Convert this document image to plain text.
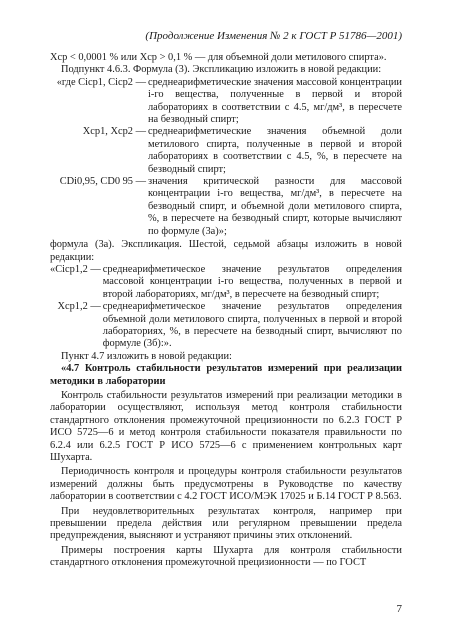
(Продолжение Изменения № 2 к ГОСТ Р 51786—2001)

Xср < 0,0001 % или Xср > 0,1 % — для объемной доли метилового спирта».

Подпункт 4.6.3. Формула (3). Экспликацию изложить в новой редакции:

«где Ciср1, Ciср2 —	среднеарифметические значения массовой концентрации i-го вещества, полученные в первой и второй лабораториях в соответствии с 4.5, мг/дм³, в пересчете на безводный спирт;
Xср1, Xср2 —	среднеарифметические значения объемной доли метилового спирта, полученные в первой и второй лабораториях в соответствии с 4.5, %, в пересчете на безводный спирт;
CDi0,95, CD0 95 —	значения критической разности для массовой концентрации i-го вещества, мг/дм³, в пересчете на безводный спирт, и объемной доли метилового спирта, %, в пересчете на безводный спирт, которые вычисляют по формуле (3а)»;

формула (3а). Экспликация. Шестой, седьмой абзацы изложить в новой редакции:

«Ciср1,2 —	среднеарифметическое значение результатов определения массовой концентрации i-го вещества, полученных в первой и второй лабораториях, мг/дм³, в пересчете на безводный спирт;
Xср1,2 —	среднеарифметическое значение результатов определения объемной доли метилового спирта, полученных в первой и второй лабораториях, %, в пересчете на безводный спирт, вычисляют по формуле (3б):».

Пункт 4.7 изложить в новой редакции:

«4.7 Контроль стабильности результатов измерений при реализации методики в лаборатории

Контроль стабильности результатов измерений при реализации методики в лаборатории осуществляют, используя метод контроля стабильности стандартного отклонения промежуточной прецизионности по 6.2.3 ГОСТ Р ИСО 5725—6 и метод контроля стабильности показателя правильности по 6.2.4 или 6.2.5 ГОСТ Р ИСО 5725—6 с применением контрольных карт Шухарта.

Периодичность контроля и процедуры контроля стабильности результатов измерений должны быть предусмотрены в Руководстве по качеству лаборатории в соответствии с 4.2 ГОСТ ИСО/МЭК 17025 и Б.14 ГОСТ Р 8.563.

При неудовлетворительных результатах контроля, например при превышении предела действия или регулярном превышении предела предупреждения, выясняют и устраняют причины этих отклонений.

Примеры построения карты Шухарта для контроля стабильности стандартного отклонения промежуточной прецизионности — по ГОСТ

7
